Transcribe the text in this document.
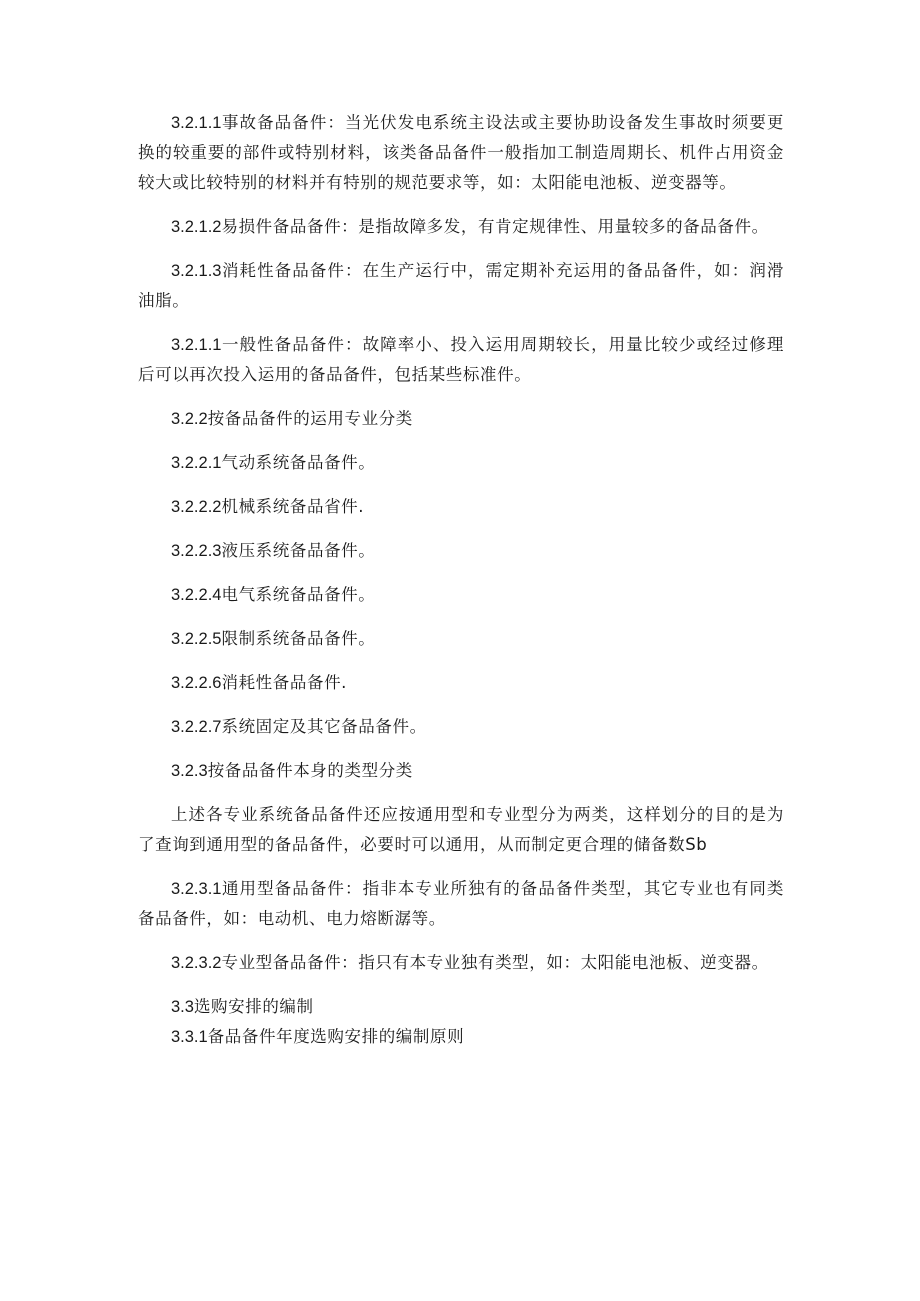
3.2.1.1事故备品备件：当光伏发电系统主设法或主要协助设备发生事故时须要更换的较重要的部件或特别材料，该类备品备件一般指加工制造周期长、机件占用资金较大或比较特别的材料并有特别的规范要求等，如：太阳能电池板、逆变器等。

3.2.1.2易损件备品备件：是指故障多发，有肯定规律性、用量较多的备品备件。

3.2.1.3消耗性备品备件：在生产运行中，需定期补充运用的备品备件，如：润滑油脂。

3.2.1.1一般性备品备件：故障率小、投入运用周期较长，用量比较少或经过修理后可以再次投入运用的备品备件，包括某些标准件。

3.2.2按备品备件的运用专业分类

3.2.2.1气动系统备品备件。

3.2.2.2机械系统备品省件.

3.2.2.3液压系统备品备件。

3.2.2.4电气系统备品备件。

3.2.2.5限制系统备品备件。

3.2.2.6消耗性备品备件.

3.2.2.7系统固定及其它备品备件。

3.2.3按备品备件本身的类型分类

上述各专业系统备品备件还应按通用型和专业型分为两类，这样划分的目的是为了查询到通用型的备品备件，必要时可以通用，从而制定更合理的储备数Sb

3.2.3.1通用型备品备件：指非本专业所独有的备品备件类型，其它专业也有同类备品备件，如：电动机、电力熔断潺等。

3.2.3.2专业型备品备件：指只有本专业独有类型，如：太阳能电池板、逆变器。

3.3选购安排的编制

3.3.1备品备件年度选购安排的编制原则
